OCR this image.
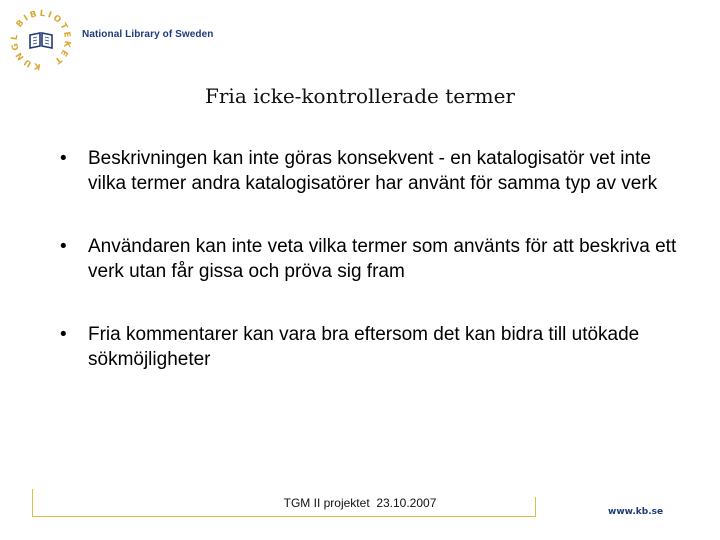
KUNGL BIBLIOTEKET
National Library of Sweden
Fria icke-kontrollerade termer
• Beskrivningen kan inte göras konsekvent - en katalogisatör vet inte vilka termer andra katalogisatörer har använt för samma typ av verk
• Användaren kan inte veta vilka termer som använts för att beskriva ett verk utan får gissa och pröva sig fram
• Fria kommentarer kan vara bra eftersom det kan bidra till utökade sökmöjligheter
TGM II projektet  23.10.2007
www.kb.se
